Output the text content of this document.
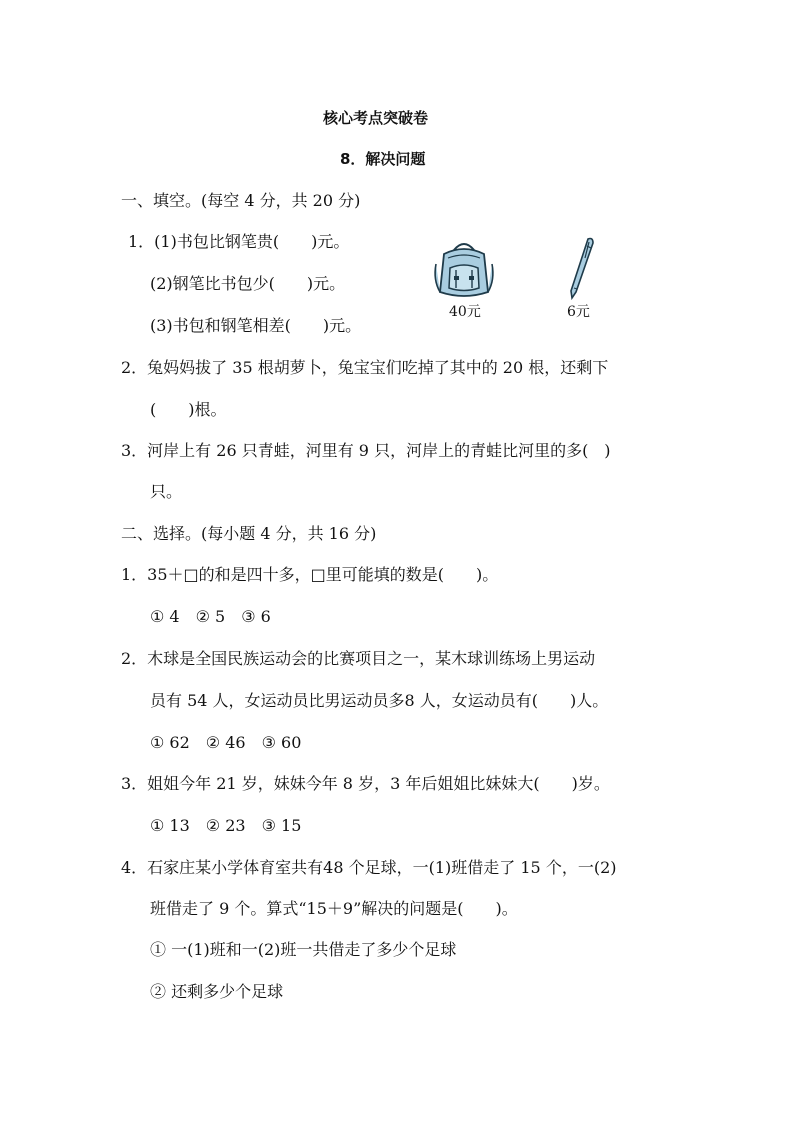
核心考点突破卷
8．解决问题
一、填空。(每空 4 分，共 20 分)
1．(1)书包比钢笔贵(　　)元。
(2)钢笔比书包少(　　)元。
(3)书包和钢笔相差(　　)元。
40元	6元
2．兔妈妈拔了 35 根胡萝卜，兔宝宝们吃掉了其中的 20 根，还剩下
(　　)根。
3．河岸上有 26 只青蛙，河里有 9 只，河岸上的青蛙比河里的多(　)
只。
二、选择。(每小题 4 分，共 16 分)
1．35＋□的和是四十多，□里可能填的数是(　　)。
① 4　② 5　③ 6
2．木球是全国民族运动会的比赛项目之一，某木球训练场上男运动
员有 54 人，女运动员比男运动员多8 人，女运动员有(　　)人。
① 62　② 46　③ 60
3．姐姐今年 21 岁，妹妹今年 8 岁，3 年后姐姐比妹妹大(　　)岁。
① 13　② 23　③ 15
4．石家庄某小学体育室共有48 个足球，一(1)班借走了 15 个，一(2)
班借走了 9 个。算式“15＋9”解决的问题是(　　)。
① 一(1)班和一(2)班一共借走了多少个足球
② 还剩多少个足球
